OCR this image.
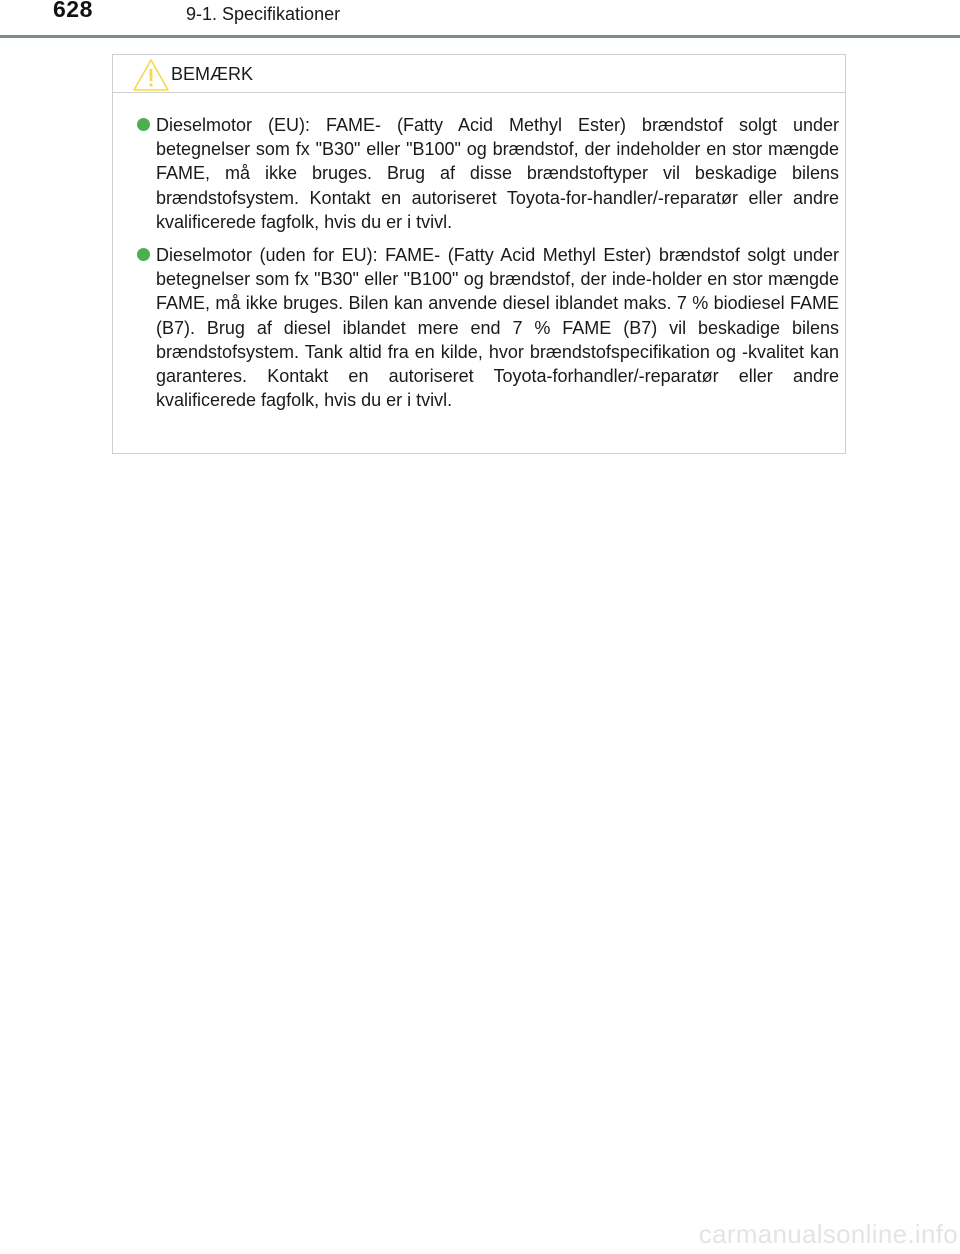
628	9-1. Specifikationer
BEMÆRK
Dieselmotor (EU): FAME- (Fatty Acid Methyl Ester) brændstof solgt under betegnelser som fx "B30" eller "B100" og brændstof, der indeholder en stor mængde FAME, må ikke bruges. Brug af disse brændstoftyper vil beskadige bilens brændstofsystem. Kontakt en autoriseret Toyota-for-handler/-reparatør eller andre kvalificerede fagfolk, hvis du er i tvivl.
Dieselmotor (uden for EU): FAME- (Fatty Acid Methyl Ester) brændstof solgt under betegnelser som fx "B30" eller "B100" og brændstof, der inde-holder en stor mængde FAME, må ikke bruges. Bilen kan anvende diesel iblandet maks. 7 % biodiesel FAME (B7). Brug af diesel iblandet mere end 7 % FAME (B7) vil beskadige bilens brændstofsystem. Tank altid fra en kilde, hvor brændstofspecifikation og -kvalitet kan garanteres. Kontakt en autoriseret Toyota-forhandler/-reparatør eller andre kvalificerede fagfolk, hvis du er i tvivl.
carmanualsonline.info
